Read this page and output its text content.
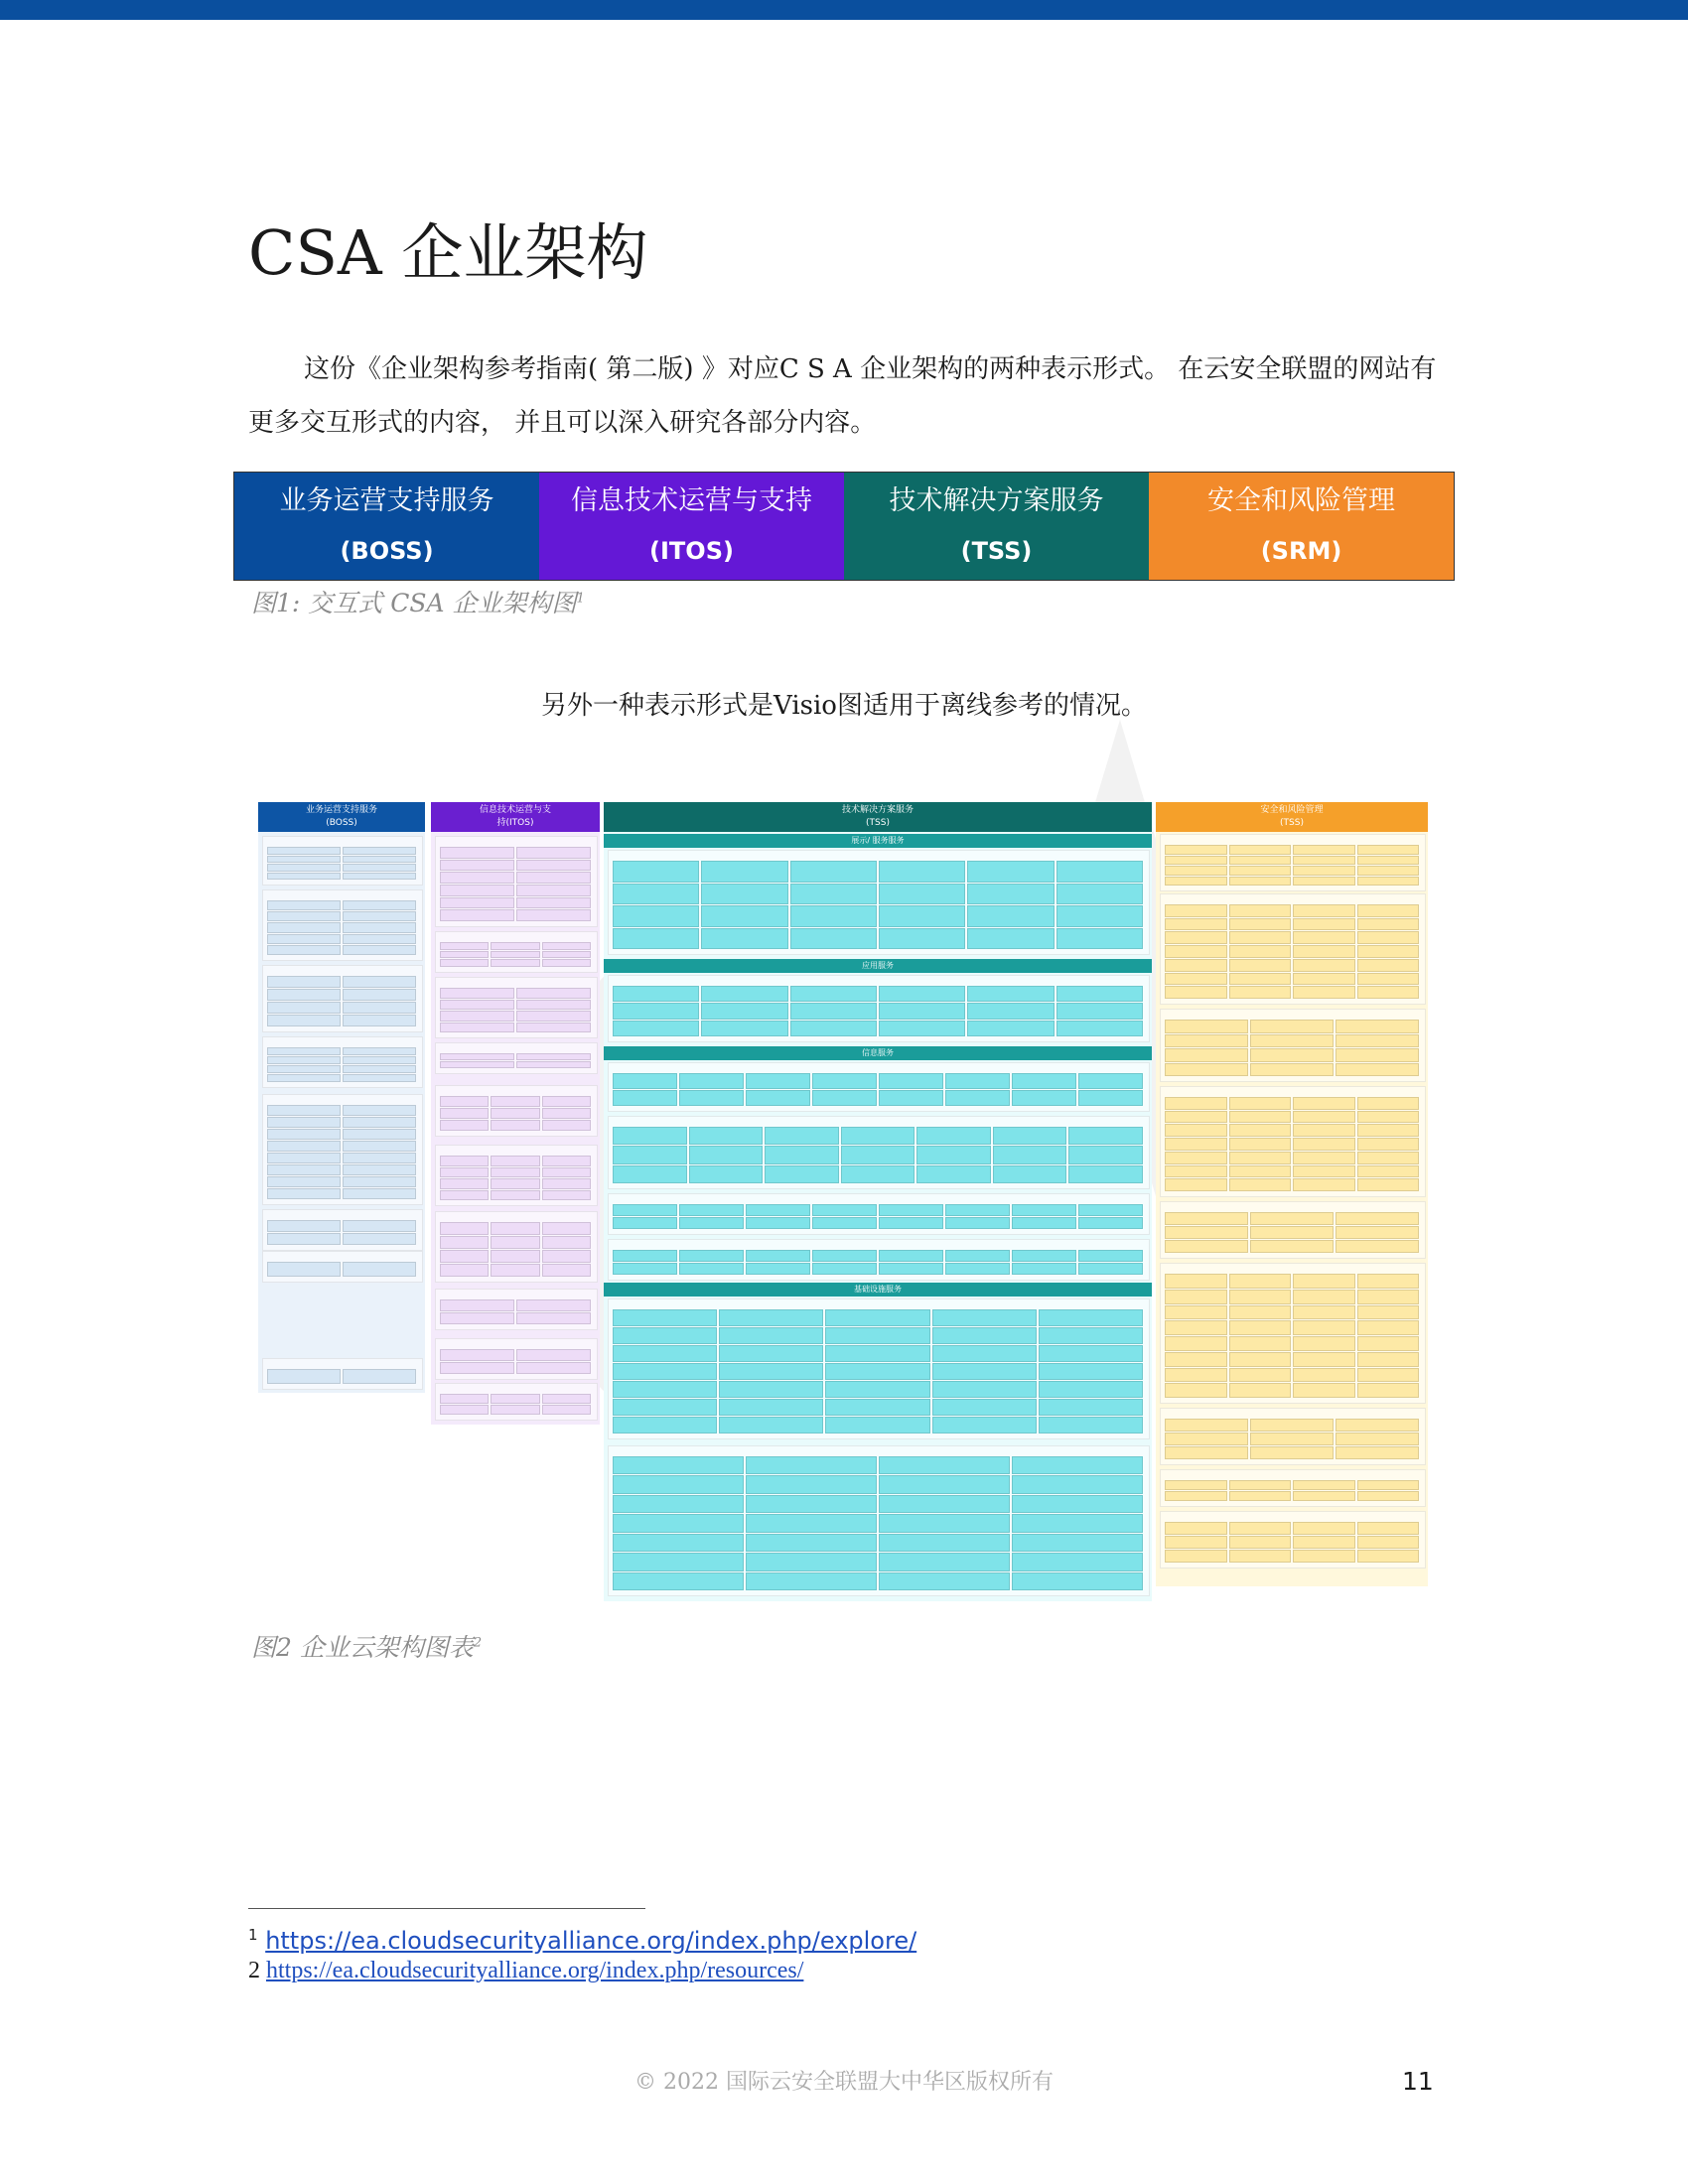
CSA 企业架构

这份《企业架构参考指南( 第二版) 》对应C S A 企业架构的两种表示形式。 在云安全联盟的网站有更多交互形式的内容， 并且可以深入研究各部分内容。

业务运营支持服务
(BOSS)
信息技术运营与支持
(ITOS)
技术解决方案服务
(TSS)
安全和风险管理
(SRM)
图1: 交互式 CSA 企业架构图$^1$
另外一种表示形式是Visio图适用于离线参考的情况。
业务运营支持服务
(BOSS)
信息技术运营与支
持(ITOS)
技术解决方案服务
(TSS)
展示/ 服务服务
应用服务
信息服务
基础设施服务
安全和风险管理
(TSS)
图2 企业云架构图表$^2$
$^1$ https://ea.cloudsecurityalliance.org/index.php/explore/
2 https://ea.cloudsecurityalliance.org/index.php/resources/
© 2022 国际云安全联盟大中华区版权所有	11
